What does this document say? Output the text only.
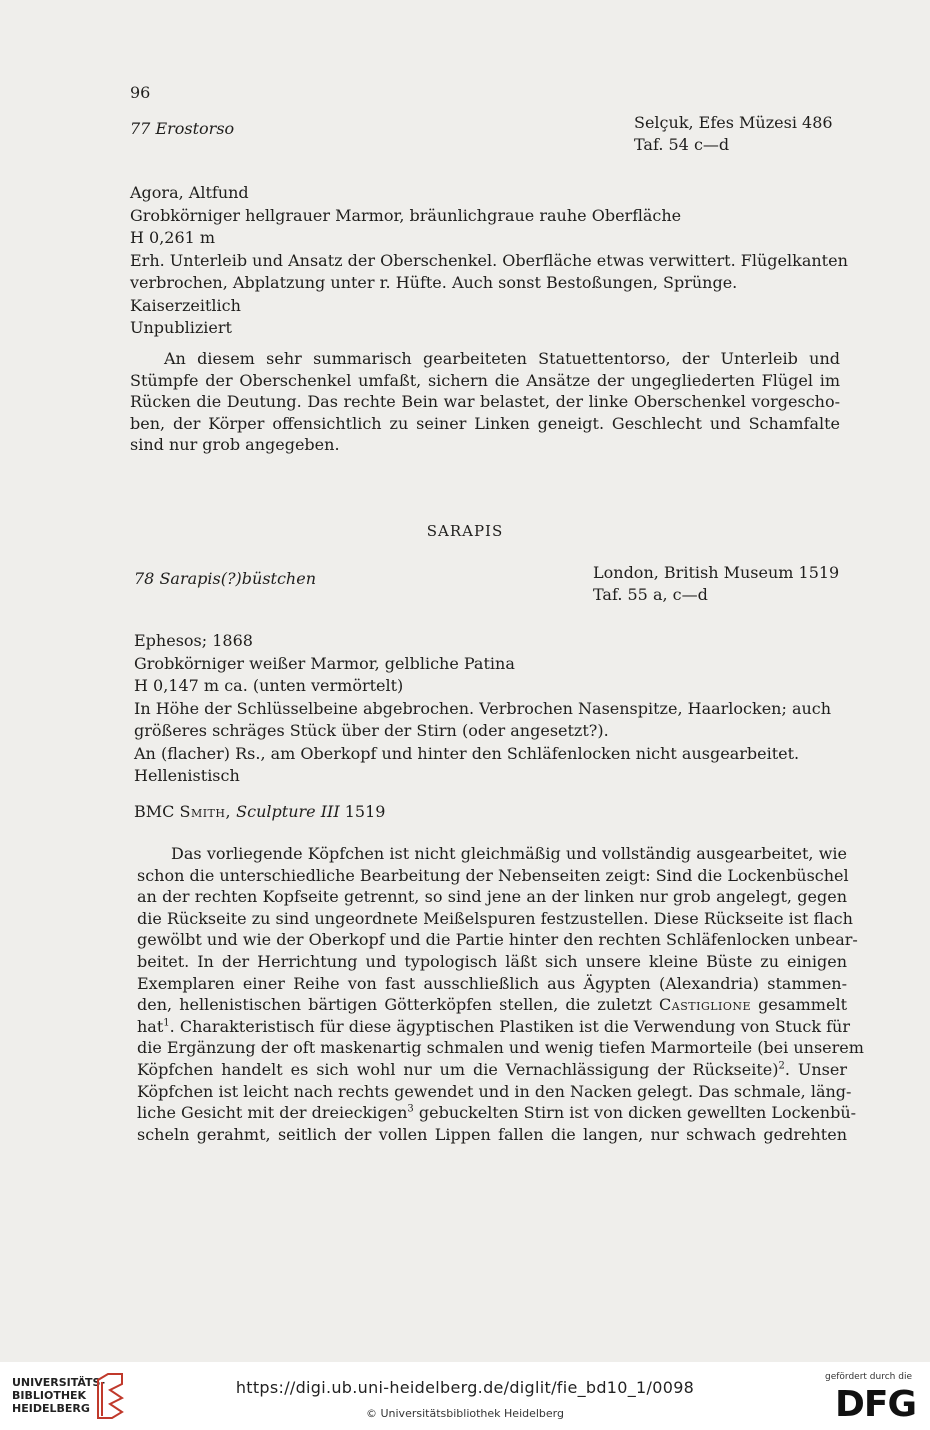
96
77 Erostorso	Selçuk, Efes Müzesi 486
Taf. 54 c—d

Agora, Altfund

Grobkörniger hellgrauer Marmor, bräunlichgraue rauhe Oberfläche

H 0,261 m

Erh. Unterleib und Ansatz der Oberschenkel. Oberfläche etwas verwittert. Flügelkanten

verbrochen, Abplatzung unter r. Hüfte. Auch sonst Bestoßungen, Sprünge.

Kaiserzeitlich

Unpubliziert

An diesem sehr summarisch gearbeiteten Statuettentorso, der Unterleib und
Stümpfe der Oberschenkel umfaßt, sichern die Ansätze der ungegliederten Flügel im
Rücken die Deutung. Das rechte Bein war belastet, der linke Oberschenkel vorgescho-
ben, der Körper offensichtlich zu seiner Linken geneigt. Geschlecht und Schamfalte
sind nur grob angegeben.
SARAPIS
78 Sarapis(?)büstchen	London, British Museum 1519
Taf. 55 a, c—d

Ephesos; 1868

Grobkörniger weißer Marmor, gelbliche Patina

H 0,147 m ca. (unten vermörtelt)

In Höhe der Schlüsselbeine abgebrochen. Verbrochen Nasenspitze, Haarlocken; auch

größeres schräges Stück über der Stirn (oder angesetzt?).

An (flacher) Rs., am Oberkopf und hinter den Schläfenlocken nicht ausgearbeitet.

Hellenistisch

BMC Smith, Sculpture III 1519
Das vorliegende Köpfchen ist nicht gleichmäßig und vollständig ausgearbeitet, wie
schon die unterschiedliche Bearbeitung der Nebenseiten zeigt: Sind die Lockenbüschel
an der rechten Kopfseite getrennt, so sind jene an der linken nur grob angelegt, gegen
die Rückseite zu sind ungeordnete Meißelspuren festzustellen. Diese Rückseite ist flach
gewölbt und wie der Oberkopf und die Partie hinter den rechten Schläfenlocken unbear-
beitet. In der Herrichtung und typologisch läßt sich unsere kleine Büste zu einigen
Exemplaren einer Reihe von fast ausschließlich aus Ägypten (Alexandria) stammen-
den, hellenistischen bärtigen Götterköpfen stellen, die zuletzt Castiglione gesammelt
hat$^1$. Charakteristisch für diese ägyptischen Plastiken ist die Verwendung von Stuck für
die Ergänzung der oft maskenartig schmalen und wenig tiefen Marmorteile (bei unserem
Köpfchen handelt es sich wohl nur um die Vernachlässigung der Rückseite)$^2$. Unser
Köpfchen ist leicht nach rechts gewendet und in den Nacken gelegt. Das schmale, läng-
liche Gesicht mit der dreieckigen$^3$ gebuckelten Stirn ist von dicken gewellten Lockenbü-
scheln gerahmt, seitlich der vollen Lippen fallen die langen, nur schwach gedrehten
UNIVERSITÄTS-
BIBLIOTHEK
HEIDELBERG
https://digi.ub.uni-heidelberg.de/diglit/fie_bd10_1/0098
© Universitätsbibliothek Heidelberg
gefördert durch die
DFG
